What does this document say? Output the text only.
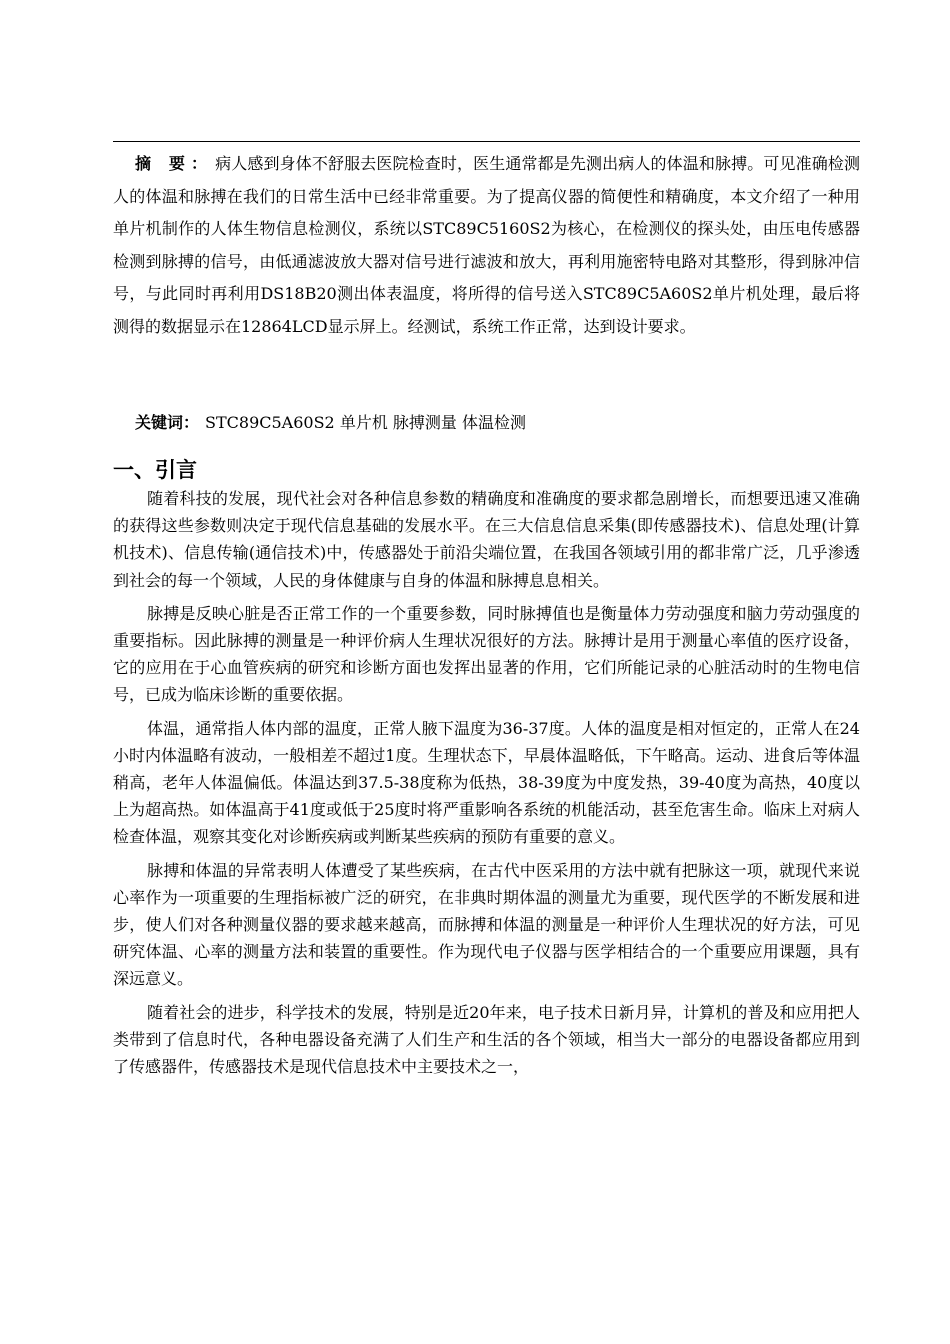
摘 要： 病人感到身体不舒服去医院检查时，医生通常都是先测出病人的体温和脉搏。可见准确检测人的体温和脉搏在我们的日常生活中已经非常重要。为了提高仪器的简便性和精确度，本文介绍了一种用单片机制作的人体生物信息检测仪，系统以STC89C5160S2为核心，在检测仪的探头处，由压电传感器检测到脉搏的信号，由低通滤波放大器对信号进行滤波和放大，再利用施密特电路对其整形，得到脉冲信号，与此同时再利用DS18B20测出体表温度，将所得的信号送入STC89C5A60S2单片机处理，最后将测得的数据显示在12864LCD显示屏上。经测试，系统工作正常，达到设计要求。
关键词： STC89C5A60S2 单片机 脉搏测量 体温检测
一、引言

随着科技的发展，现代社会对各种信息参数的精确度和准确度的要求都急剧增长，而想要迅速又准确的获得这些参数则决定于现代信息基础的发展水平。在三大信息信息采集(即传感器技术)、信息处理(计算机技术)、信息传输(通信技术)中，传感器处于前沿尖端位置，在我国各领域引用的都非常广泛，几乎渗透到社会的每一个领域，人民的身体健康与自身的体温和脉搏息息相关。

脉搏是反映心脏是否正常工作的一个重要参数，同时脉搏值也是衡量体力劳动强度和脑力劳动强度的重要指标。因此脉搏的测量是一种评价病人生理状况很好的方法。脉搏计是用于测量心率值的医疗设备，它的应用在于心血管疾病的研究和诊断方面也发挥出显著的作用，它们所能记录的心脏活动时的生物电信号，已成为临床诊断的重要依据。

体温，通常指人体内部的温度，正常人腋下温度为36-37度。人体的温度是相对恒定的，正常人在24小时内体温略有波动，一般相差不超过1度。生理状态下，早晨体温略低，下午略高。运动、进食后等体温稍高，老年人体温偏低。体温达到37.5-38度称为低热，38-39度为中度发热，39-40度为高热，40度以上为超高热。如体温高于41度或低于25度时将严重影响各系统的机能活动，甚至危害生命。临床上对病人检查体温，观察其变化对诊断疾病或判断某些疾病的预防有重要的意义。

脉搏和体温的异常表明人体遭受了某些疾病，在古代中医采用的方法中就有把脉这一项，就现代来说心率作为一项重要的生理指标被广泛的研究，在非典时期体温的测量尤为重要，现代医学的不断发展和进步，使人们对各种测量仪器的要求越来越高，而脉搏和体温的测量是一种评价人生理状况的好方法，可见研究体温、心率的测量方法和装置的重要性。作为现代电子仪器与医学相结合的一个重要应用课题，具有深远意义。

随着社会的进步，科学技术的发展，特别是近20年来，电子技术日新月异，计算机的普及和应用把人类带到了信息时代，各种电器设备充满了人们生产和生活的各个领域，相当大一部分的电器设备都应用到了传感器件，传感器技术是现代信息技术中主要技术之一，
